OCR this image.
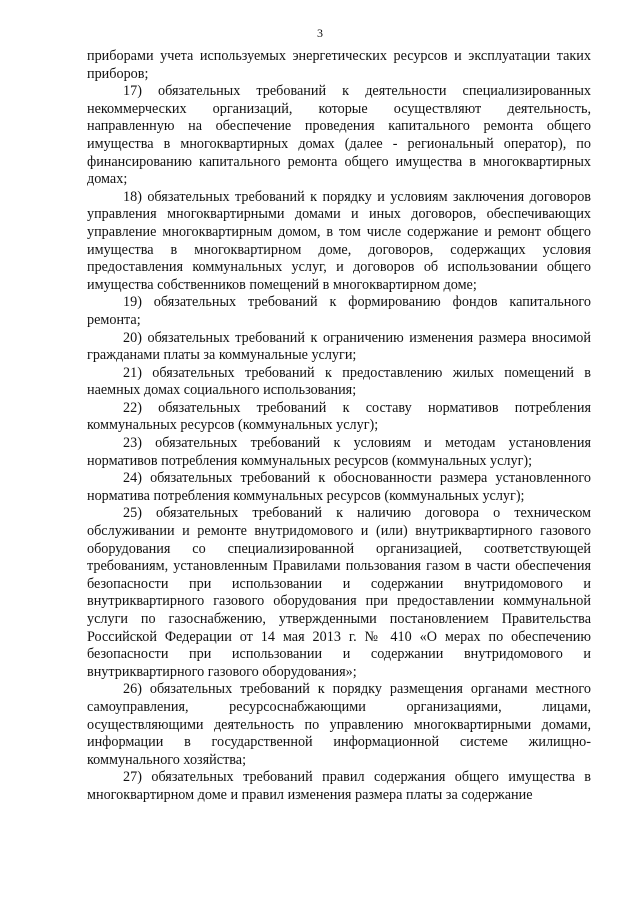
3

приборами учета используемых энергетических ресурсов и эксплуатации таких приборов;

17) обязательных требований к деятельности специализированных некоммерческих организаций, которые осуществляют деятельность, направленную на обеспечение проведения капитального ремонта общего имущества в многоквартирных домах (далее - региональный оператор), по финансированию капитального ремонта общего имущества в многоквартирных домах;

18) обязательных требований к порядку и условиям заключения договоров управления многоквартирными домами и иных договоров, обеспечивающих управление многоквартирным домом, в том числе содержание и ремонт общего имущества в многоквартирном доме, договоров, содержащих условия предоставления коммунальных услуг, и договоров об использовании общего имущества собственников помещений в многоквартирном доме;

19) обязательных требований к формированию фондов капитального ремонта;

20) обязательных требований к ограничению изменения размера вносимой гражданами платы за коммунальные услуги;

21) обязательных требований к предоставлению жилых помещений в наемных домах социального использования;

22) обязательных требований к составу нормативов потребления коммунальных ресурсов (коммунальных услуг);

23) обязательных требований к условиям и методам установления нормативов потребления коммунальных ресурсов (коммунальных услуг);

24) обязательных требований к обоснованности размера установленного норматива потребления коммунальных ресурсов (коммунальных услуг);

25) обязательных требований к наличию договора о техническом обслуживании и ремонте внутридомового и (или) внутриквартирного газового оборудования со специализированной организацией, соответствующей требованиям, установленным Правилами пользования газом в части обеспечения безопасности при использовании и содержании внутридомового и внутриквартирного газового оборудования при предоставлении коммунальной услуги по газоснабжению, утвержденными постановлением Правительства Российской Федерации от 14 мая 2013 г. № 410 «О мерах по обеспечению безопасности при использовании и содержании внутридомового и внутриквартирного газового оборудования»;

26) обязательных требований к порядку размещения органами местного самоуправления, ресурсоснабжающими организациями, лицами, осуществляющими деятельность по управлению многоквартирными домами, информации в государственной информационной системе жилищно-коммунального хозяйства;

27) обязательных требований правил содержания общего имущества в многоквартирном доме и правил изменения размера платы за содержание
